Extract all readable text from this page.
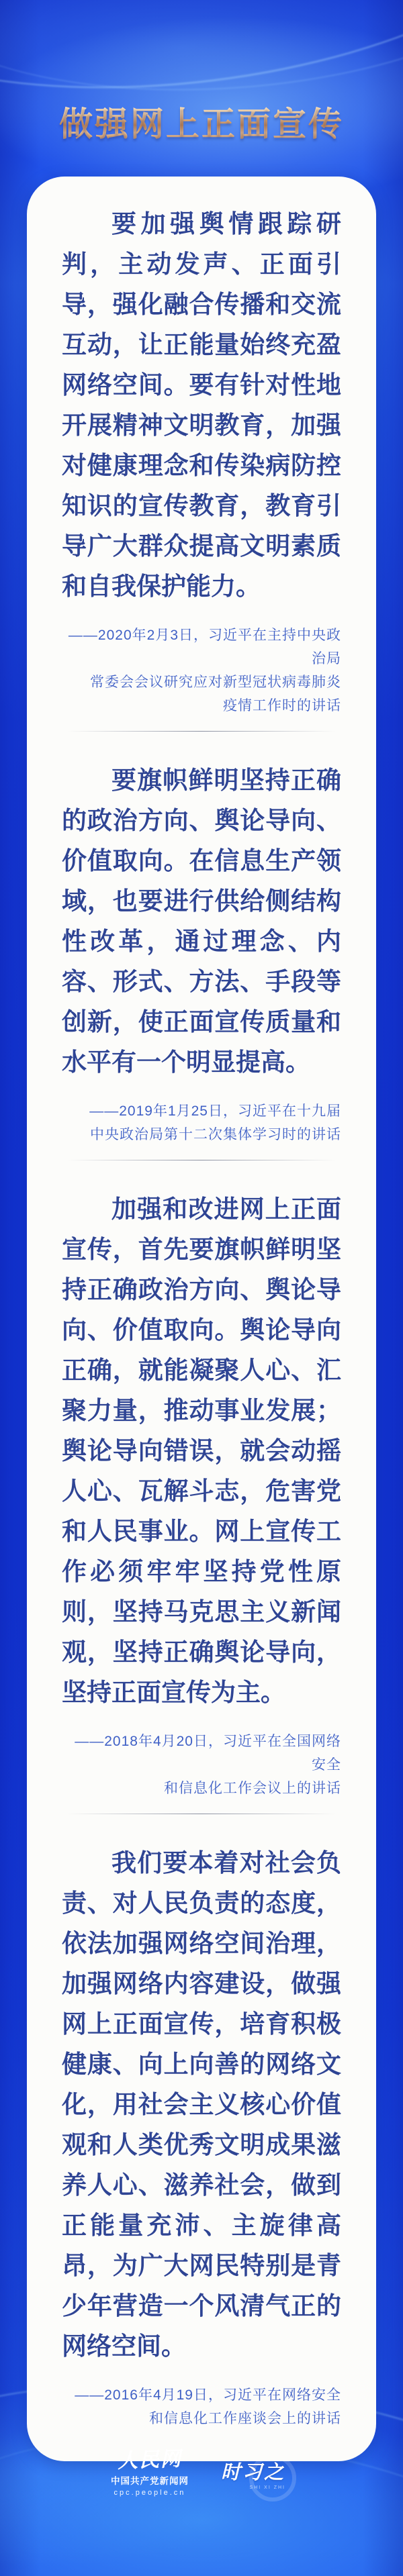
做强网上正面宣传

要加强舆情跟踪研判，主动发声、正面引导，强化融合传播和交流互动，让正能量始终充盈网络空间。要有针对性地开展精神文明教育，加强对健康理念和传染病防控知识的宣传教育，教育引导广大群众提高文明素质和自我保护能力。

——2020年2月3日，习近平在主持中央政治局
常委会会议研究应对新型冠状病毒肺炎
疫情工作时的讲话

要旗帜鲜明坚持正确的政治方向、舆论导向、价值取向。在信息生产领域，也要进行供给侧结构性改革，通过理念、内容、形式、方法、手段等创新，使正面宣传质量和水平有一个明显提高。

——2019年1月25日，习近平在十九届
中央政治局第十二次集体学习时的讲话

加强和改进网上正面宣传，首先要旗帜鲜明坚持正确政治方向、舆论导向、价值取向。舆论导向正确，就能凝聚人心、汇聚力量，推动事业发展；舆论导向错误，就会动摇人心、瓦解斗志，危害党和人民事业。网上宣传工作必须牢牢坚持党性原则，坚持马克思主义新闻观，坚持正确舆论导向，坚持正面宣传为主。

——2018年4月20日，习近平在全国网络安全
和信息化工作会议上的讲话

我们要本着对社会负责、对人民负责的态度，依法加强网络空间治理，加强网络内容建设，做强网上正面宣传，培育积极健康、向上向善的网络文化，用社会主义核心价值观和人类优秀文明成果滋养人心、滋养社会，做到正能量充沛、主旋律高昂，为广大网民特别是青少年营造一个风清气正的网络空间。

——2016年4月19日，习近平在网络安全
和信息化工作座谈会上的讲话
人民网
中国共产党新闻网
cpc.people.cn
时习之
SHI XI ZHI
